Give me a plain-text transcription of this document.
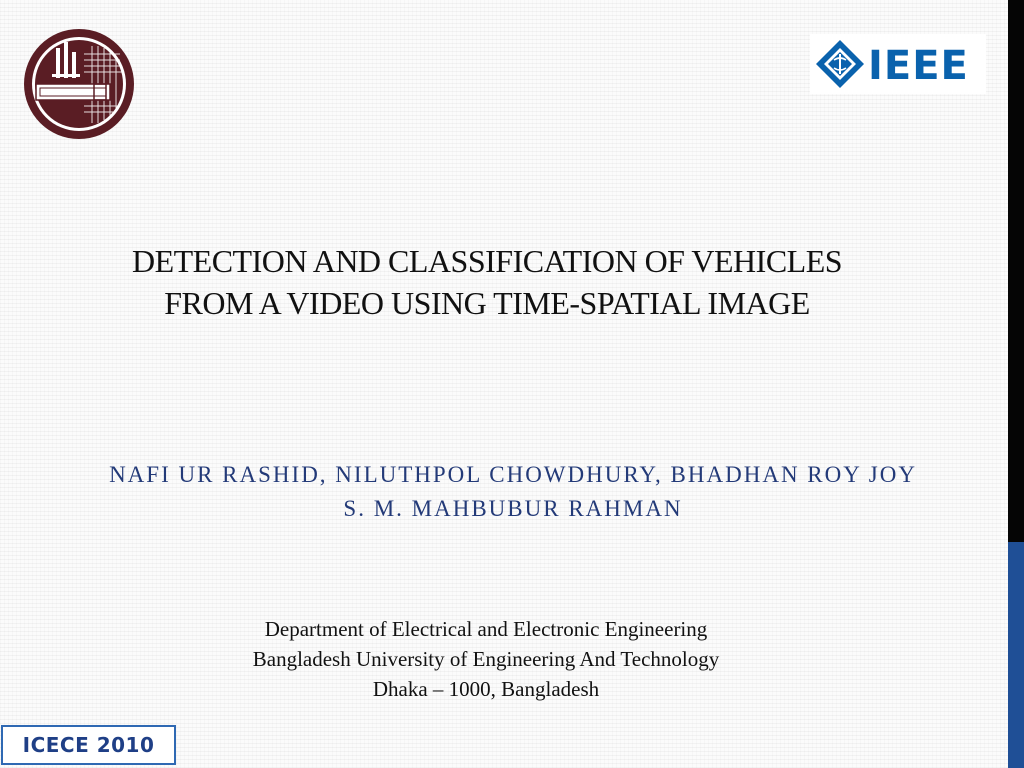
IEEE
DETECTION AND CLASSIFICATION OF VEHICLES
FROM A VIDEO USING TIME-SPATIAL IMAGE
NAFI UR RASHID, NILUTHPOL CHOWDHURY, BHADHAN ROY JOY
S. M. MAHBUBUR RAHMAN
Department of Electrical and Electronic Engineering
Bangladesh University of Engineering And Technology
Dhaka – 1000, Bangladesh
ICECE 2010
